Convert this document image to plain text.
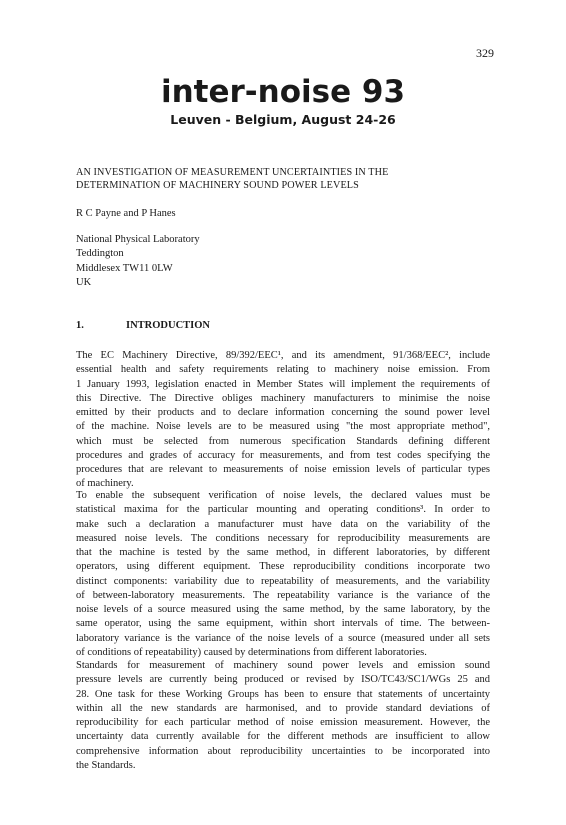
329
inter-noise 93
Leuven - Belgium, August 24-26
AN INVESTIGATION OF MEASUREMENT UNCERTAINTIES IN THE
DETERMINATION OF MACHINERY SOUND POWER LEVELS
R C Payne and P Hanes
National Physical Laboratory
Teddington
Middlesex TW11 0LW
UK
1.	INTRODUCTION
The EC Machinery Directive, 89/392/EEC¹, and its amendment, 91/368/EEC², include
essential health and safety requirements relating to machinery noise emission. From
1 January 1993, legislation enacted in Member States will implement the requirements of
this Directive. The Directive obliges machinery manufacturers to minimise the noise
emitted by their products and to declare information concerning the sound power level
of the machine. Noise levels are to be measured using "the most appropriate method",
which must be selected from numerous specification Standards defining different
procedures and grades of accuracy for measurements, and from test codes specifying the
procedures that are relevant to measurements of noise emission levels of particular types
of machinery.
To enable the subsequent verification of noise levels, the declared values must be
statistical maxima for the particular mounting and operating conditions³. In order to
make such a declaration a manufacturer must have data on the variability of the
measured noise levels. The conditions necessary for reproducibility measurements are
that the machine is tested by the same method, in different laboratories, by different
operators, using different equipment. These reproducibility conditions incorporate two
distinct components: variability due to repeatability of measurements, and the variability
of between-laboratory measurements. The repeatability variance is the variance of the
noise levels of a source measured using the same method, by the same laboratory, by the
same operator, using the same equipment, within short intervals of time. The between-
laboratory variance is the variance of the noise levels of a source (measured under all sets
of conditions of repeatability) caused by determinations from different laboratories.
Standards for measurement of machinery sound power levels and emission sound
pressure levels are currently being produced or revised by ISO/TC43/SC1/WGs 25 and
28. One task for these Working Groups has been to ensure that statements of uncertainty
within all the new standards are harmonised, and to provide standard deviations of
reproducibility for each particular method of noise emission measurement. However, the
uncertainty data currently available for the different methods are insufficient to allow
comprehensive information about reproducibility uncertainties to be incorporated into
the Standards.
